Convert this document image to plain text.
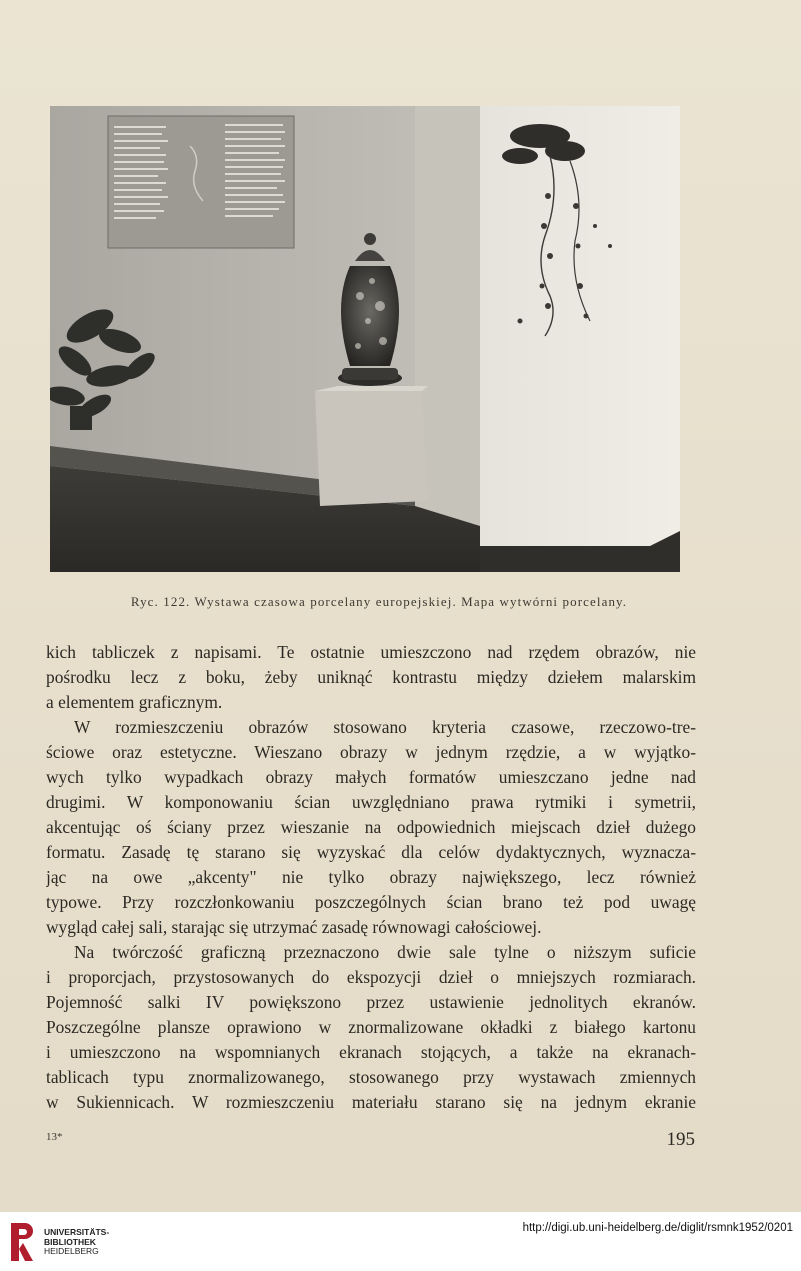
Ryc. 122. Wystawa czasowa porcelany europejskiej. Mapa wytwórni porcelany.
kich tabliczek z napisami. Te ostatnie umieszczono nad rzędem obrazów, nie
pośrodku lecz z boku, żeby uniknąć kontrastu między dziełem malarskim
a elementem graficznym.
W rozmieszczeniu obrazów stosowano kryteria czasowe, rzeczowo-tre-
ściowe oraz estetyczne. Wieszano obrazy w jednym rzędzie, a w wyjątko-
wych tylko wypadkach obrazy małych formatów umieszczano jedne nad
drugimi. W komponowaniu ścian uwzględniano prawa rytmiki i symetrii,
akcentując oś ściany przez wieszanie na odpowiednich miejscach dzieł dużego
formatu. Zasadę tę starano się wyzyskać dla celów dydaktycznych, wyznacza-
jąc na owe „akcenty" nie tylko obrazy największego, lecz również
typowe. Przy rozczłonkowaniu poszczególnych ścian brano też pod uwagę
wygląd całej sali, starając się utrzymać zasadę równowagi całościowej.
Na twórczość graficzną przeznaczono dwie sale tylne o niższym suficie
i proporcjach, przystosowanych do ekspozycji dzieł o mniejszych rozmiarach.
Pojemność salki IV powiększono przez ustawienie jednolitych ekranów.
Poszczególne plansze oprawiono w znormalizowane okładki z białego kartonu
i umieszczono na wspomnianych ekranach stojących, a także na ekranach-
tablicach typu znormalizowanego, stosowanego przy wystawach zmiennych
w Sukiennicach. W rozmieszczeniu materiału starano się na jednym ekranie
13*	195
UNIVERSITÄTS-
BIBLIOTHEK
HEIDELBERG
http://digi.ub.uni-heidelberg.de/diglit/rsmnk1952/0201
